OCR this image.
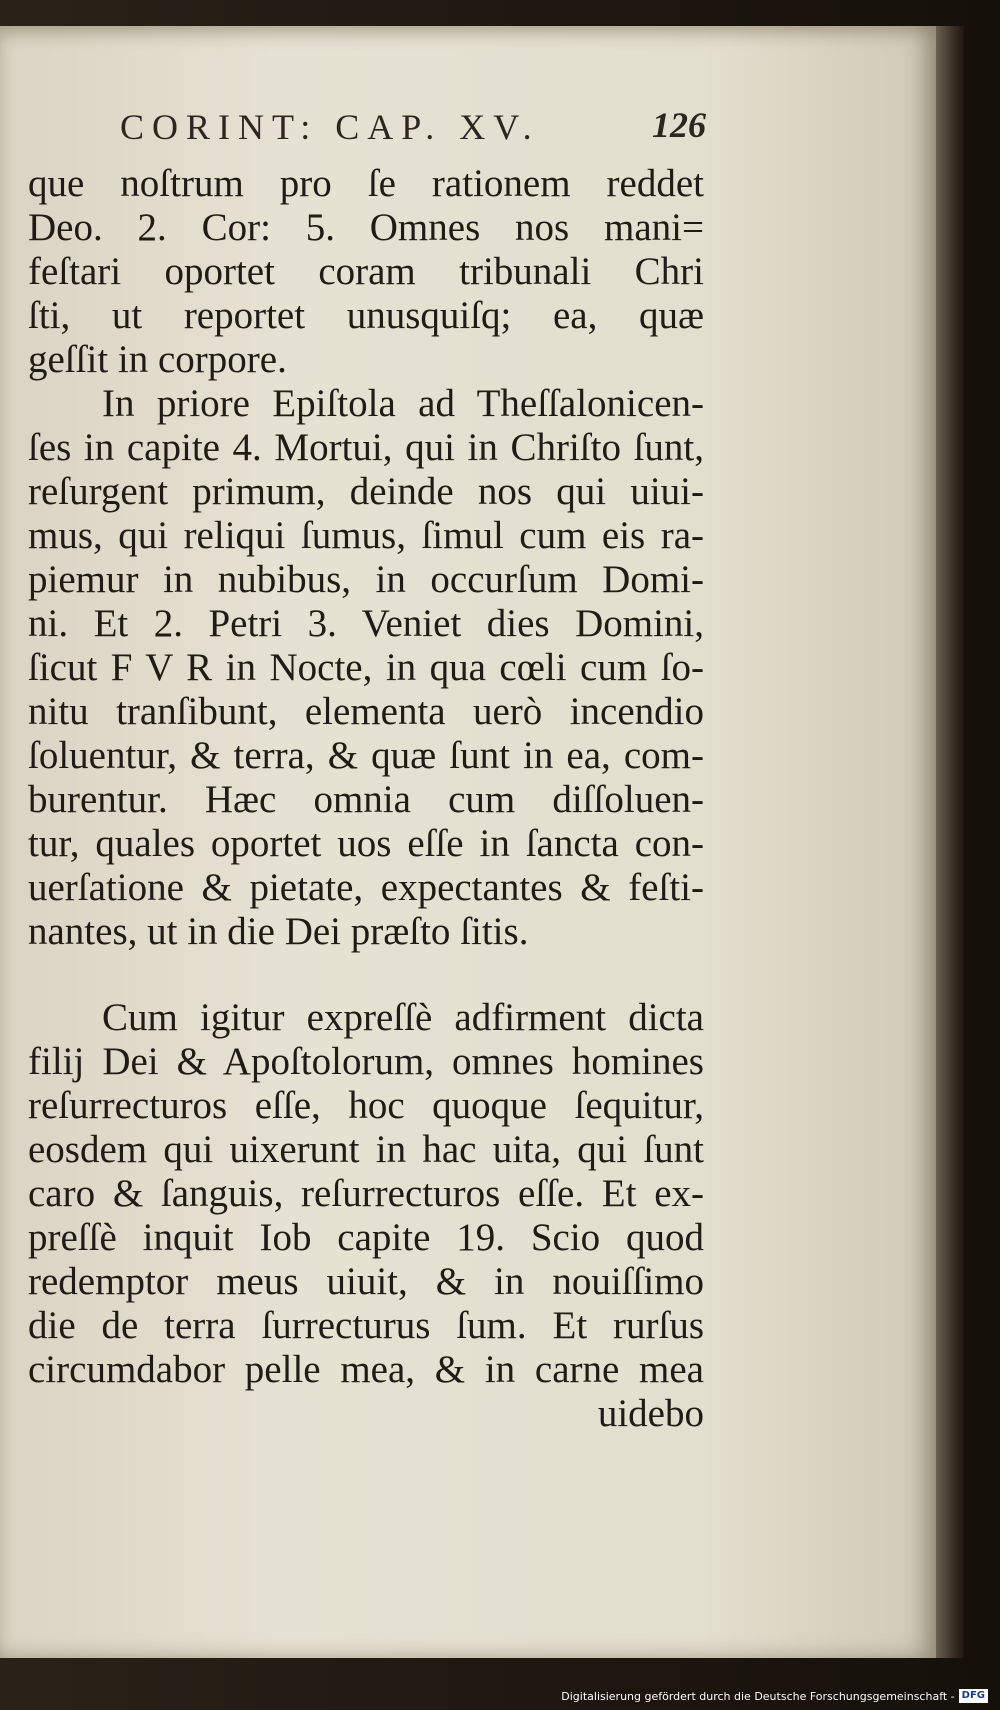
CORINT: CAP. XV.	126
que noſtrum pro ſe rationem reddet
Deo. 2. Cor: 5. Omnes nos mani=
feſtari oportet coram tribunali Chri
ſti, ut reportet unusquiſq; ea, quæ
geſſit in corpore.
In priore Epiſtola ad Theſſalonicen-
ſes in capite 4. Mortui, qui in Chriſto ſunt,
reſurgent primum, deinde nos qui uiui-
mus, qui reliqui ſumus, ſimul cum eis ra-
piemur in nubibus, in occurſum Domi-
ni. Et 2. Petri 3. Veniet dies Domini,
ſicut F V R in Nocte, in qua cœli cum ſo-
nitu tranſibunt, elementa uerò incendio
ſoluentur, & terra, & quæ ſunt in ea, com-
burentur. Hæc omnia cum diſſoluen-
tur, quales oportet uos eſſe in ſancta con-
uerſatione & pietate, expectantes & feſti-
nantes, ut in die Dei præſto ſitis.
Cum igitur expreſſè adfirment dicta
filij Dei & Apoſtolorum, omnes homines
reſurrecturos eſſe, hoc quoque ſequitur,
eosdem qui uixerunt in hac uita, qui ſunt
caro & ſanguis, reſurrecturos eſſe. Et ex-
preſſè inquit Iob capite 19. Scio quod
redemptor meus uiuit, & in nouiſſimo
die de terra ſurrecturus ſum. Et rurſus
circumdabor pelle mea, & in carne mea
uidebo
Digitalisierung gefördert durch die Deutsche Forschungsgemeinschaft - DFG
